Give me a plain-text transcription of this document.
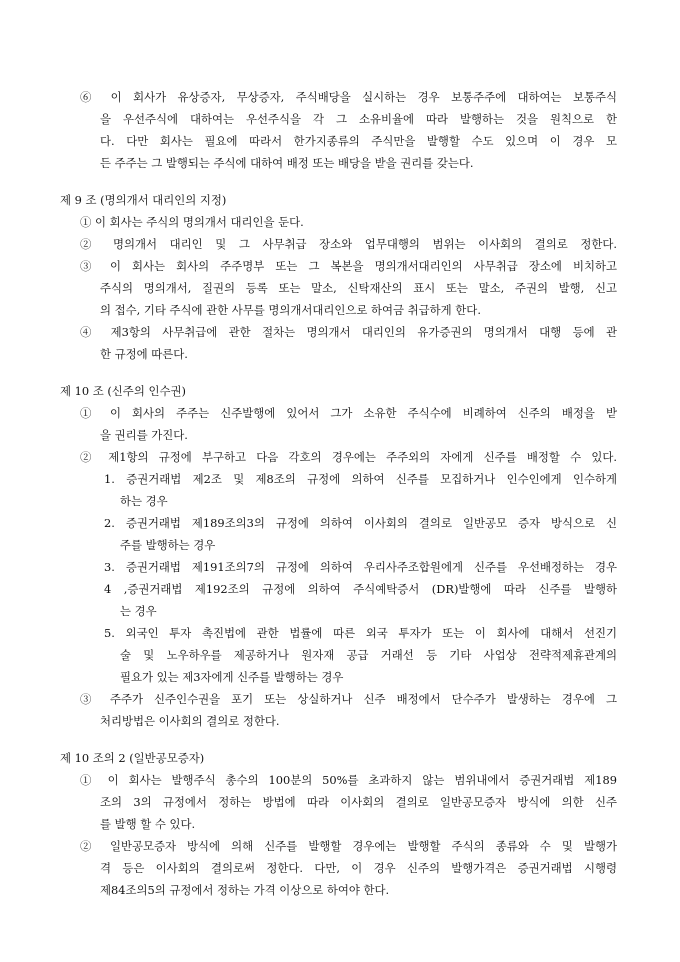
⑥ 이 회사가 유상증자, 무상증자, 주식배당을 실시하는 경우 보통주주에 대하여는 보통주식
을 우선주식에 대하여는 우선주식을 각 그 소유비율에 따라 발행하는 것을 원칙으로 한
다. 다만 회사는 필요에 따라서 한가지종류의 주식만을 발행할 수도 있으며 이 경우 모
든 주주는 그 발행되는 주식에 대하여 배정 또는 배당을 받을 권리를 갖는다.
제 9 조 (명의개서 대리인의 지정)
① 이 회사는 주식의 명의개서 대리인을 둔다.
② 명의개서 대리인 및 그 사무취급 장소와 업무대행의 범위는 이사회의 결의로 정한다.
③ 이 회사는 회사의 주주명부 또는 그 복본을 명의개서대리인의 사무취급 장소에 비치하고
주식의 명의개서, 질권의 등록 또는 말소, 신탁재산의 표시 또는 말소, 주권의 발행, 신고
의 접수, 기타 주식에 관한 사무를 명의개서대리인으로 하여금 취급하게 한다.
④ 제3항의 사무취급에 관한 절차는 명의개서 대리인의 유가증권의 명의개서 대행 등에 관
한 규정에 따른다.
제 10 조 (신주의 인수권)
① 이 회사의 주주는 신주발행에 있어서 그가 소유한 주식수에 비례하여 신주의 배정을 받
을 권리를 가진다.
② 제1항의 규정에 부구하고 다음 각호의 경우에는 주주외의 자에게 신주를 배정할 수 있다.
1. 증권거래법 제2조 및 제8조의 규정에 의하여 신주를 모집하거나 인수인에게 인수하게
하는 경우
2. 증권거래법 제189조의3의 규정에 의하여 이사회의 결의로 일반공모 증자 방식으로 신
주를 발행하는 경우
3. 증권거래법 제191조의7의 규정에 의하여 우리사주조합원에게 신주를 우선배정하는 경우
4 ,증권거래법 제192조의 규정에 의하여 주식예탁증서 (DR)발행에 따라 신주를 발행하
는 경우
5. 외국인 투자 촉진법에 관한 법률에 따른 외국 투자가 또는 이 회사에 대해서 선진기
술 및 노우하우를 제공하거나 원자재 공급 거래선 등 기타 사업상 전략적제휴관계의
필요가 있는 제3자에게 신주를 발행하는 경우
③ 주주가 신주인수권을 포기 또는 상실하거나 신주 배정에서 단수주가 발생하는 경우에 그
처리방법은 이사회의 결의로 정한다.
제 10 조의 2 (일반공모증자)
① 이 회사는 발행주식 총수의 100분의 50%를 초과하지 않는 범위내에서 증권거래법 제189
조의 3의 규정에서 정하는 방법에 따라 이사회의 결의로 일반공모증자 방식에 의한 신주
를 발행 할 수 있다.
② 일반공모증자 방식에 의해 신주를 발행할 경우에는 발행할 주식의 종류와 수 및 발행가
격 등은 이사회의 결의로써 정한다. 다만, 이 경우 신주의 발행가격은 증권거래법 시행령
제84조의5의 규정에서 정하는 가격 이상으로 하여야 한다.
